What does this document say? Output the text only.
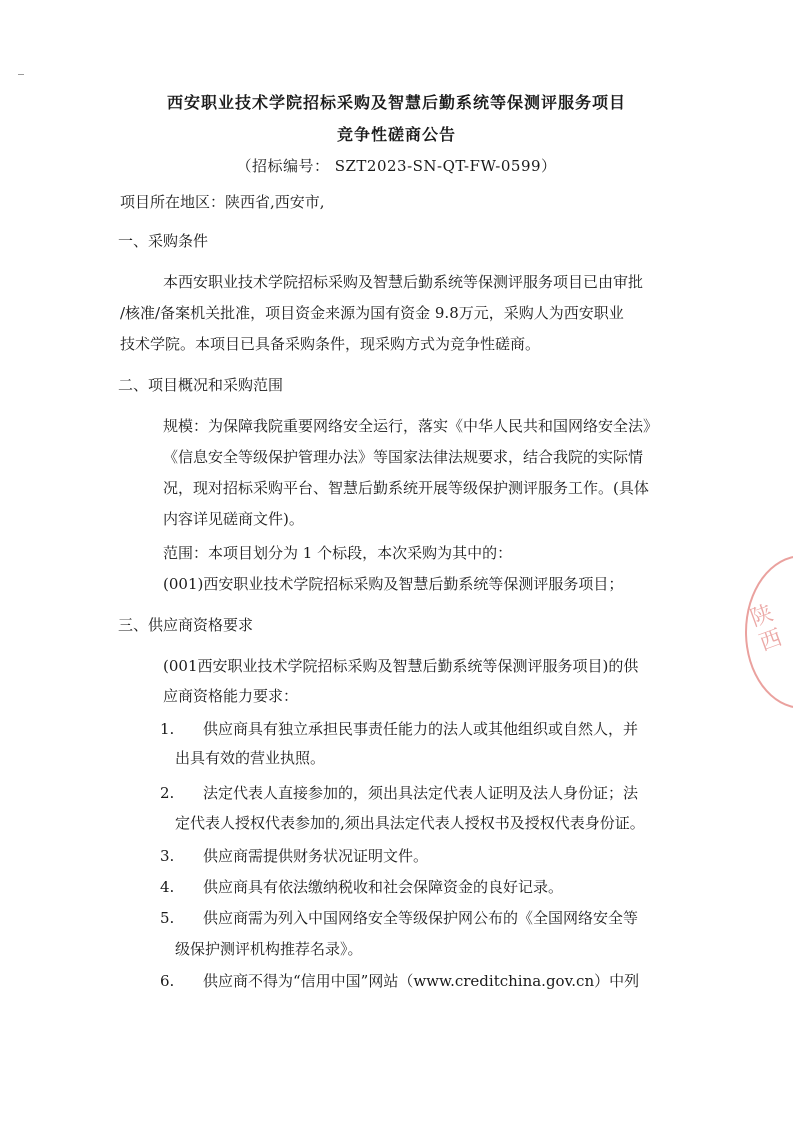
西安职业技术学院招标采购及智慧后勤系统等保测评服务项目
竞争性磋商公告
（招标编号： SZT2023-SN-QT-FW-0599）
项目所在地区：陕西省,西安市,
一、采购条件
本西安职业技术学院招标采购及智慧后勤系统等保测评服务项目已由审批
/核准/备案机关批准，项目资金来源为国有资金 9.8万元，采购人为西安职业
技术学院。本项目已具备采购条件，现采购方式为竞争性磋商。
二、项目概况和采购范围
规模：为保障我院重要网络安全运行，落实《中华人民共和国网络安全法》
《信息安全等级保护管理办法》等国家法律法规要求，结合我院的实际情
况，现对招标采购平台、智慧后勤系统开展等级保护测评服务工作。(具体
内容详见磋商文件)。
范围：本项目划分为 1 个标段，本次采购为其中的：
(001)西安职业技术学院招标采购及智慧后勤系统等保测评服务项目；
三、供应商资格要求
(001西安职业技术学院招标采购及智慧后勤系统等保测评服务项目)的供
应商资格能力要求：
1. 供应商具有独立承担民事责任能力的法人或其他组织或自然人，并
出具有效的营业执照。
2. 法定代表人直接参加的，须出具法定代表人证明及法人身份证；法
定代表人授权代表参加的,须出具法定代表人授权书及授权代表身份证。
3. 供应商需提供财务状况证明文件。
4. 供应商具有依法缴纳税收和社会保障资金的良好记录。
5. 供应商需为列入中国网络安全等级保护网公布的《全国网络安全等
级保护测评机构推荐名录》。
6. 供应商不得为“信用中国”网站（www.creditchina.gov.cn）中列
陕西
